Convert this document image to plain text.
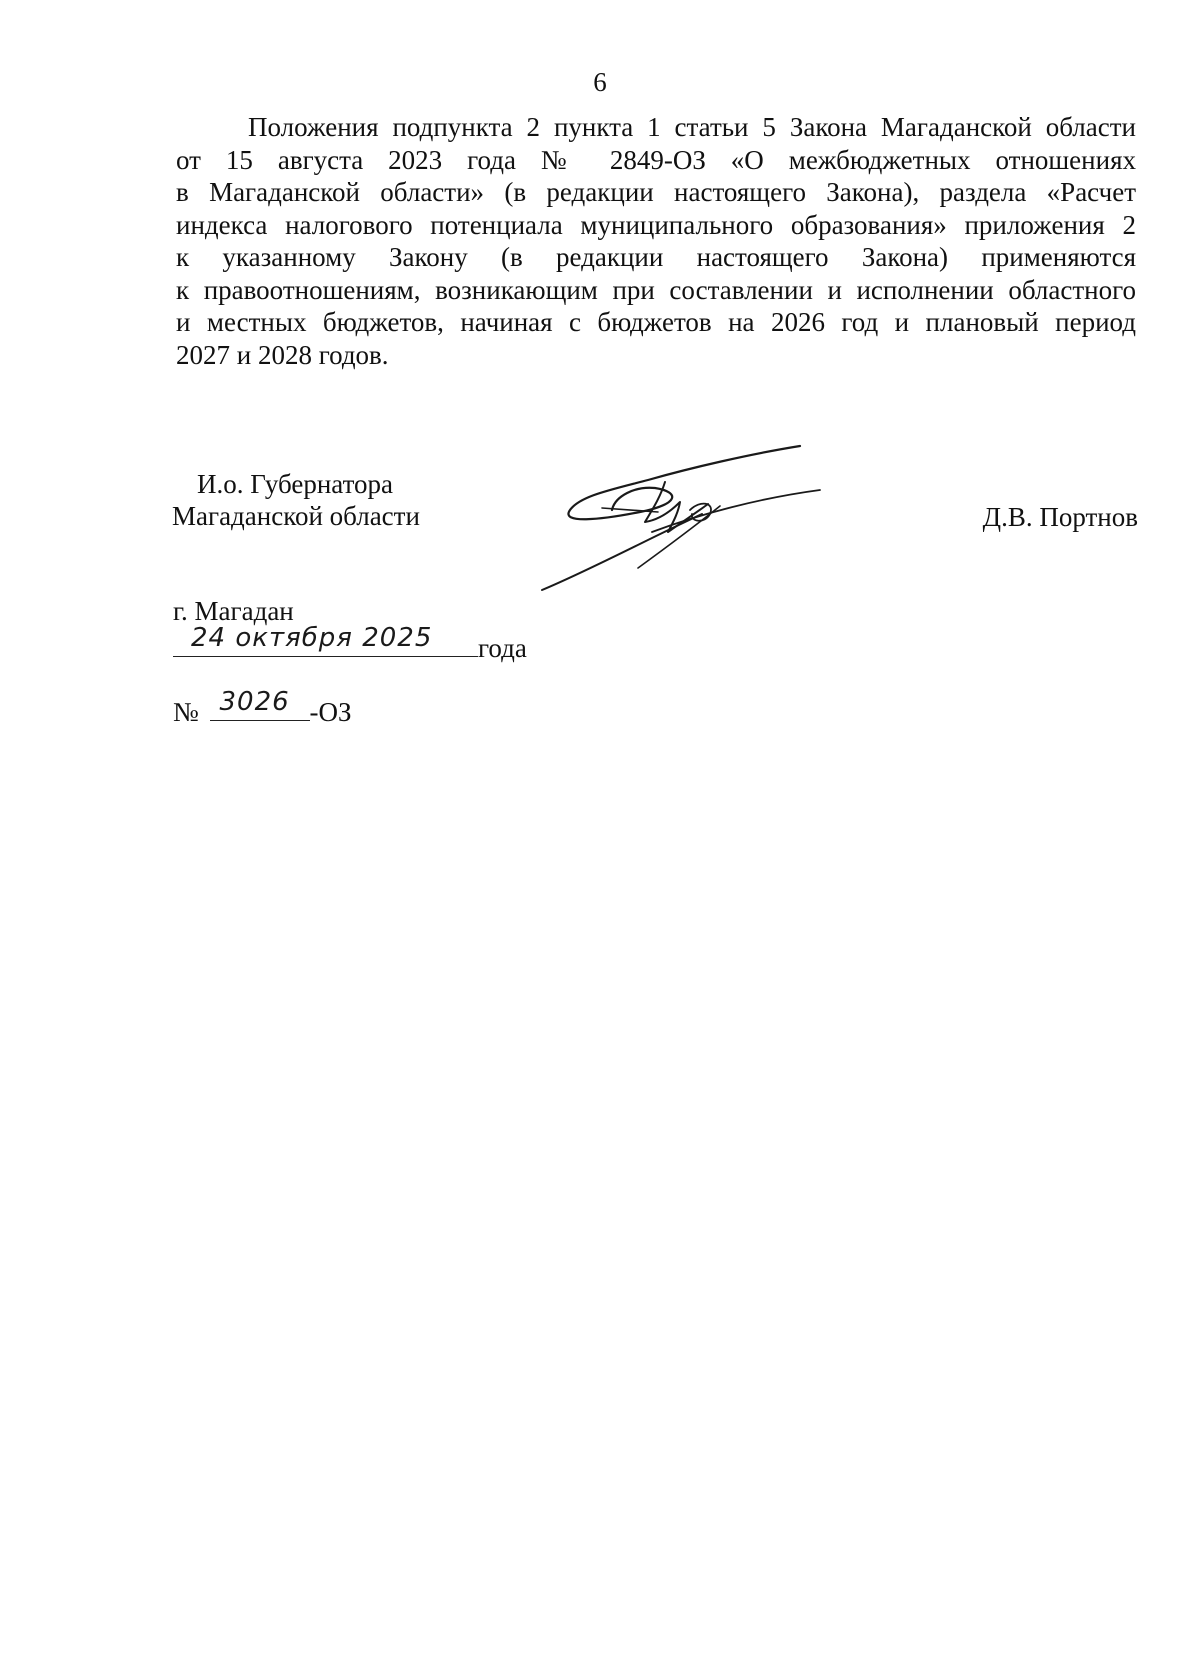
6
Положения подпункта 2 пункта 1 статьи 5 Закона Магаданской области
от 15 августа 2023 года № 2849-ОЗ «О межбюджетных отношениях
в Магаданской области» (в редакции настоящего Закона), раздела «Расчет
индекса налогового потенциала муниципального образования» приложения 2
к указанному Закону (в редакции настоящего Закона) применяются
к правоотношениям, возникающим при составлении и исполнении областного
и местных бюджетов, начиная с бюджетов на 2026 год и плановый период
2027 и 2028 годов.
И.о. Губернатора
Магаданской области	Д.В. Портнов
г. Магадан
24 октября 2025 года
№ 3026 -ОЗ
